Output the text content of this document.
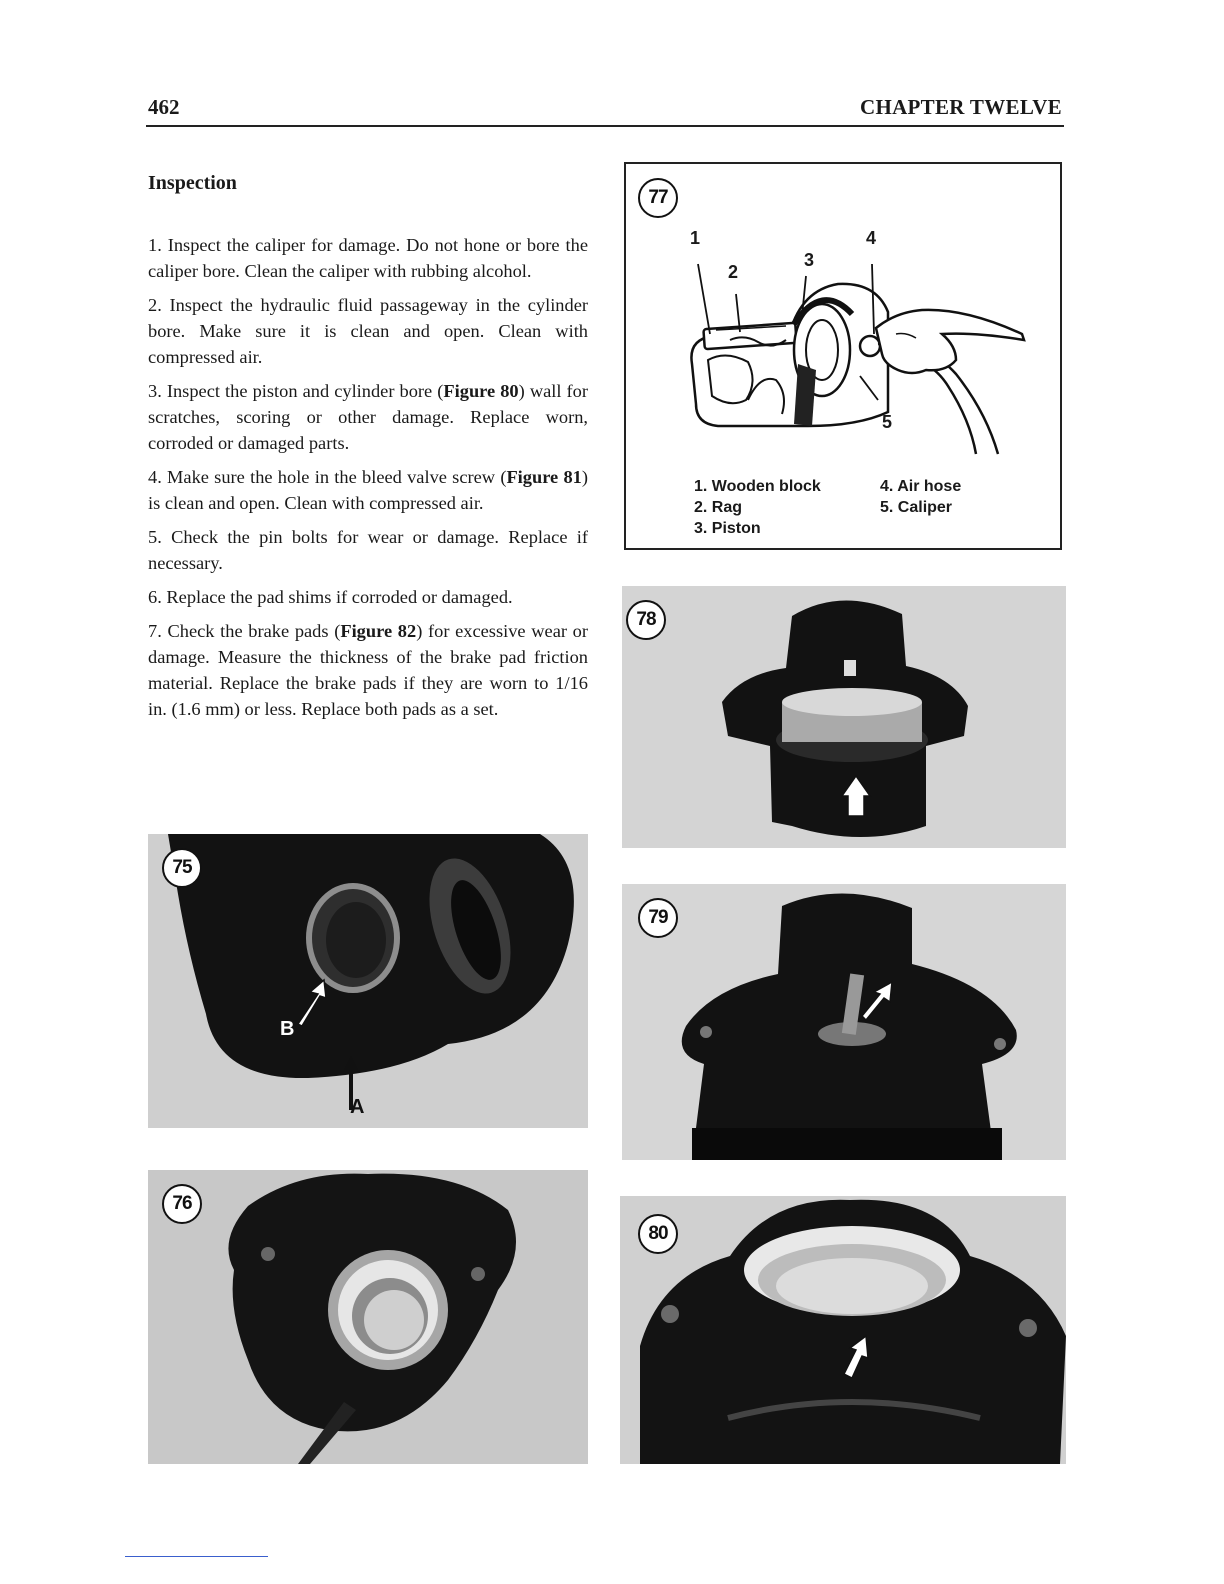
462	CHAPTER TWELVE
Inspection
1. Inspect the caliper for damage. Do not hone or bore the caliper bore. Clean the caliper with rubbing alcohol.
2. Inspect the hydraulic fluid passageway in the cylinder bore. Make sure it is clean and open. Clean with compressed air.
3. Inspect the piston and cylinder bore (Figure 80) wall for scratches, scoring or other damage. Replace worn, corroded or damaged parts.
4. Make sure the hole in the bleed valve screw (Figure 81) is clean and open. Clean with compressed air.
5. Check the pin bolts for wear or damage. Replace if necessary.
6. Replace the pad shims if corroded or damaged.
7. Check the brake pads (Figure 82) for excessive wear or damage. Measure the thickness of the brake pad friction material. Replace the brake pads if they are worn to 1/16 in. (1.6 mm) or less. Replace both pads as a set.
77
1
2
3
4
5
1. Wooden block
2. Rag
3. Piston
4. Air hose
5. Caliper
75
B
A
76
78
79
80
